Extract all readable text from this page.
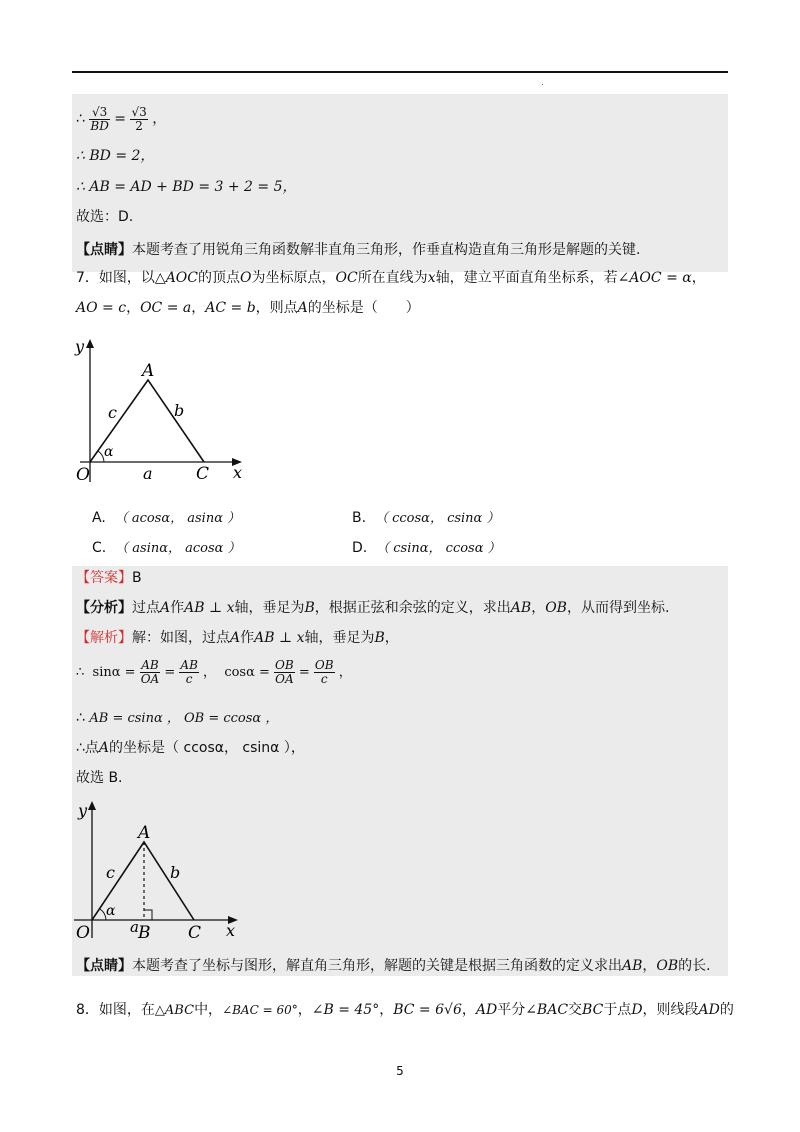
.
∴ $\frac{√3}{BD} = \frac{√3}{2}$ ，
∴ BD = 2，
∴ AB = AD + BD = 3 + 2 = 5，
故选：D.
【点睛】本题考查了用锐角三角函数解非直角三角形，作垂直构造直角三角形是解题的关键.
7．如图，以△AOC的顶点O为坐标原点，OC所在直线为x轴，建立平面直角坐标系，若∠AOC = α，
AO = c，OC = a，AC = b，则点A的坐标是（　　）
y
x
O
A
C
a
b
c
α
A. （ acosα， asinα ）	B. （ ccosα， csinα ）
C. （ asinα， acosα ）	D. （ csinα， ccosα ）
【答案】B
【分析】过点A作AB ⊥ x轴，垂足为B，根据正弦和余弦的定义，求出AB，OB，从而得到坐标.
【解析】解：如图，过点A作AB ⊥ x轴，垂足为B，
∴ $\sin\alpha = \frac{AB}{OA} = \frac{AB}{c}$ ， $\cos\alpha = \frac{OB}{OA} = \frac{OB}{c}$ ，
∴ AB = csinα ， OB = ccosα ，
∴点A的坐标是（ ccosα， csinα ），
故选 B.
y
x
O
A
B C
a
b
c
α
【点睛】本题考查了坐标与图形，解直角三角形，解题的关键是根据三角函数的定义求出AB，OB的长.
8．如图，在△ABC中，∠BAC = 60°，∠B = 45°，BC = 6√6，AD平分∠BAC交BC于点D，则线段AD的
5
